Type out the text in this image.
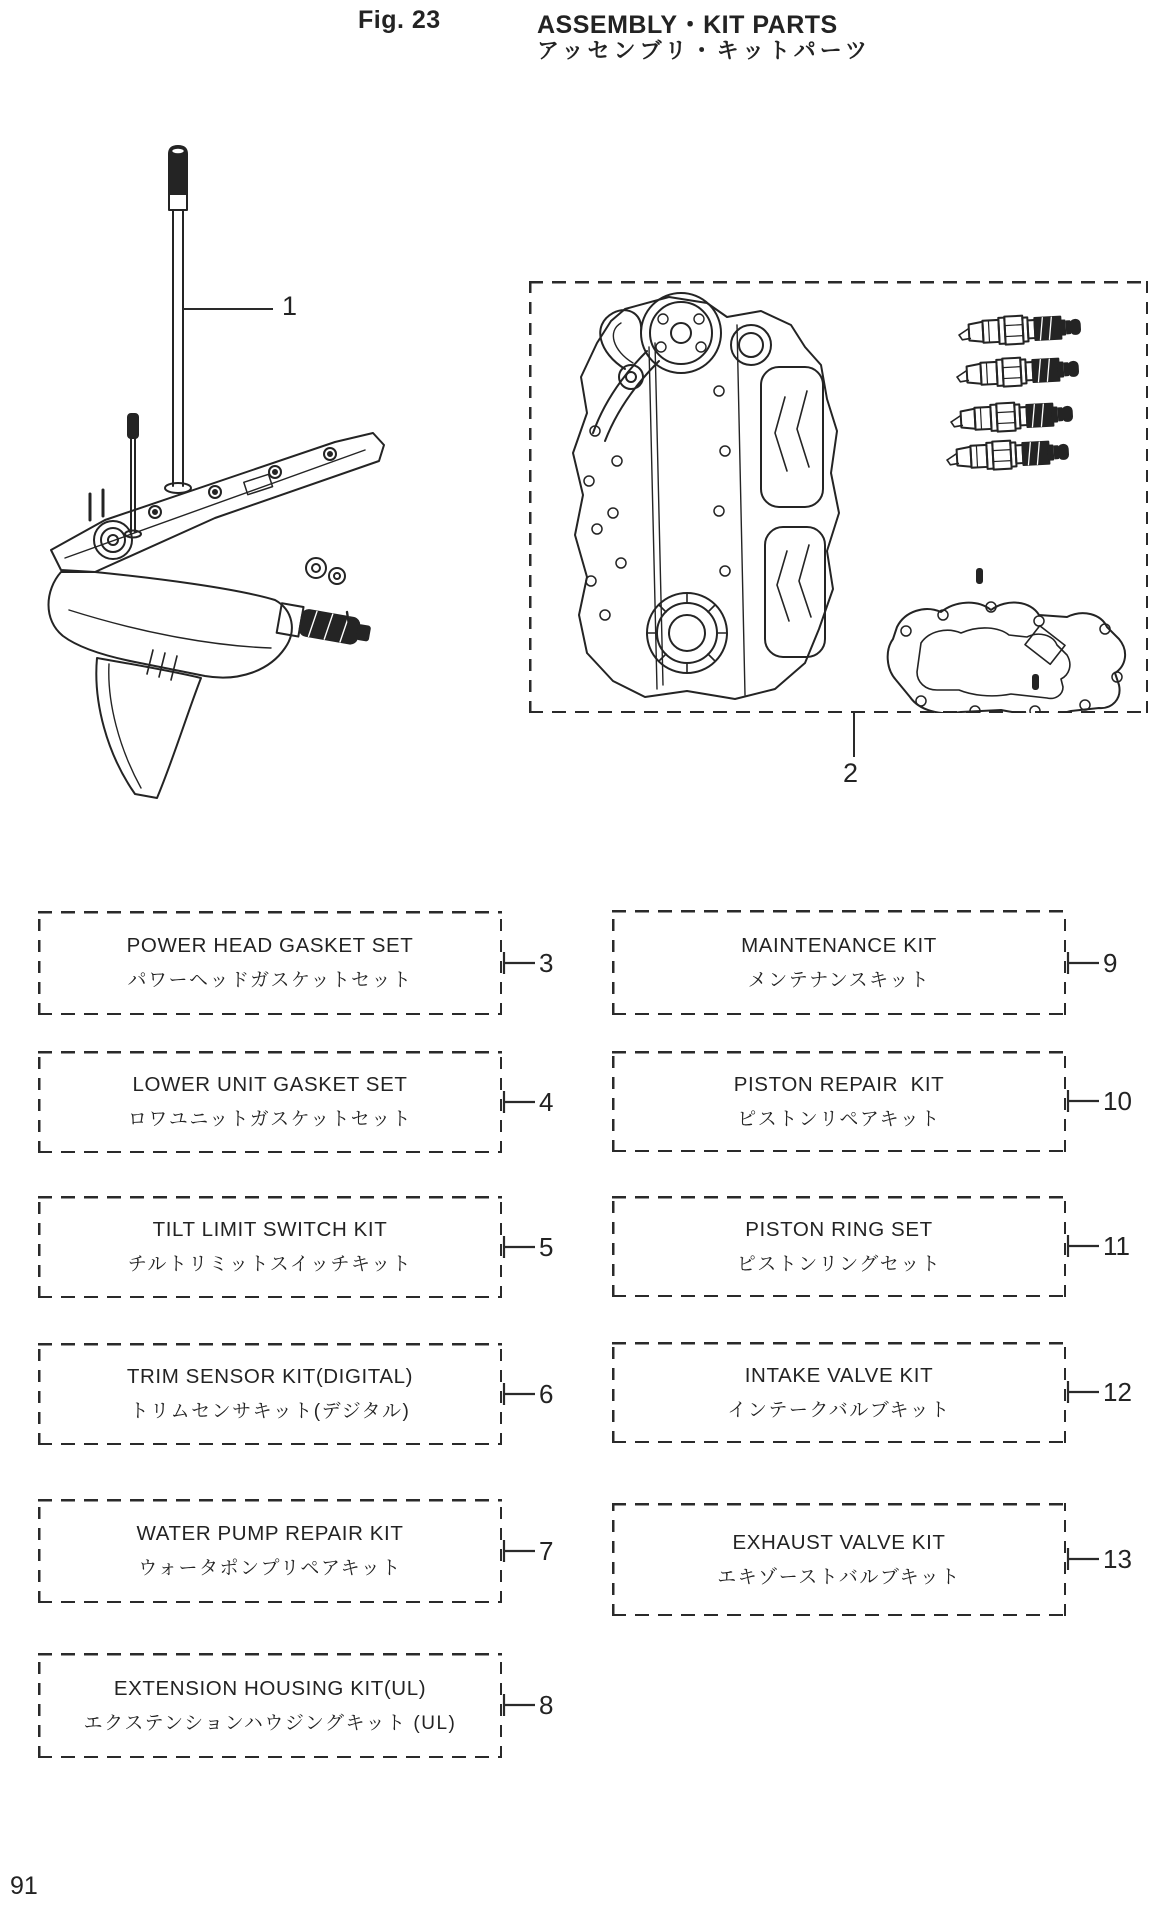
Fig. 23	ASSEMBLY・KIT PARTS
アッセンブリ・キットパーツ
1
2
POWER HEAD GASKET SET
パワーヘッドガスケットセット
3
LOWER UNIT GASKET SET
ロワユニットガスケットセット
4
TILT LIMIT SWITCH KIT
チルトリミットスイッチキット
5
TRIM SENSOR KIT(DIGITAL)
トリムセンサキット(デジタル)
6
WATER PUMP REPAIR KIT
ウォータポンプリペアキット
7
EXTENSION HOUSING KIT(UL)
エクステンションハウジングキット (UL)
8
MAINTENANCE KIT
メンテナンスキット
9
PISTON REPAIR  KIT
ピストンリペアキット
10
PISTON RING SET
ピストンリングセット
11
INTAKE VALVE KIT
インテークバルブキット
12
EXHAUST VALVE KIT
エキゾーストバルブキット
13
91
